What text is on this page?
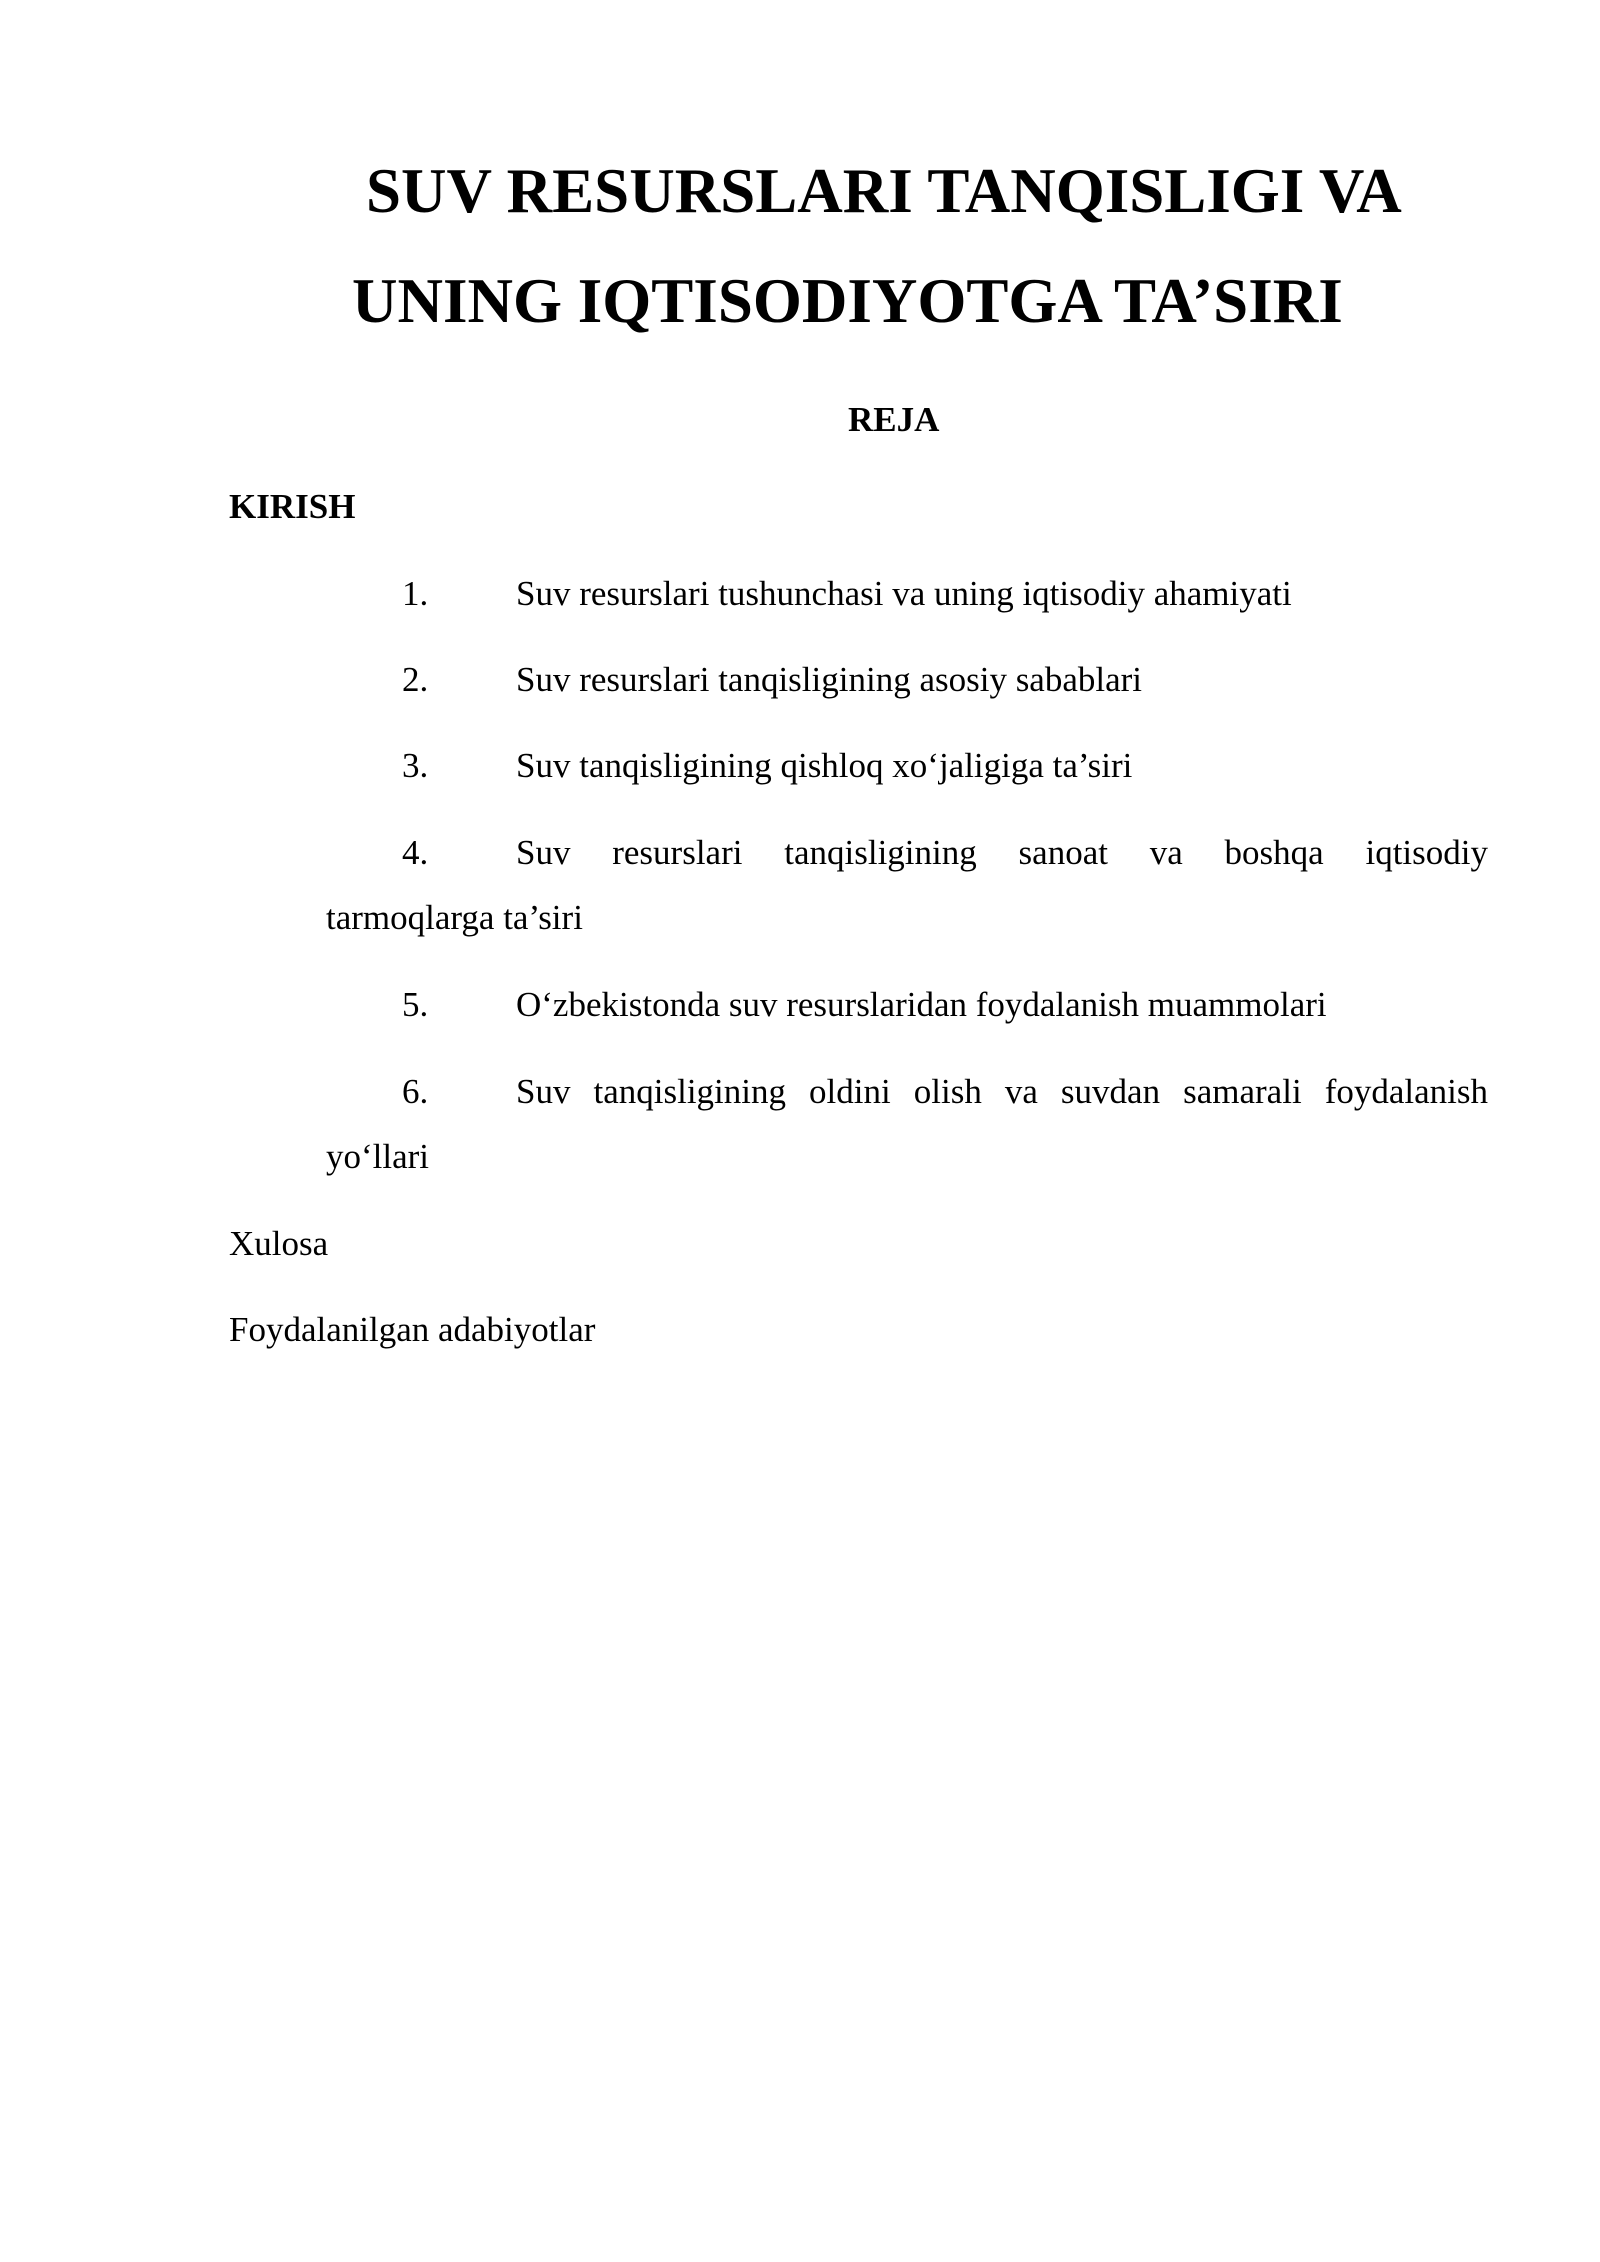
SUV RESURSLARI TANQISLIGI VA
UNING IQTISODIYOTGA TA’SIRI
REJA
KIRISH
1.	Suv resurslari tushunchasi va uning iqtisodiy ahamiyati
2.	Suv resurslari tanqisligining asosiy sabablari
3.	Suv tanqisligining qishloq xo‘jaligiga ta’siri
4.	Suv resurslari tanqisligining sanoat va boshqa iqtisodiy
tarmoqlarga ta’siri
5.	O‘zbekistonda suv resurslaridan foydalanish muammolari
6.	Suv tanqisligining oldini olish va suvdan samarali foydalanish
yo‘llari
Xulosa
Foydalanilgan adabiyotlar
